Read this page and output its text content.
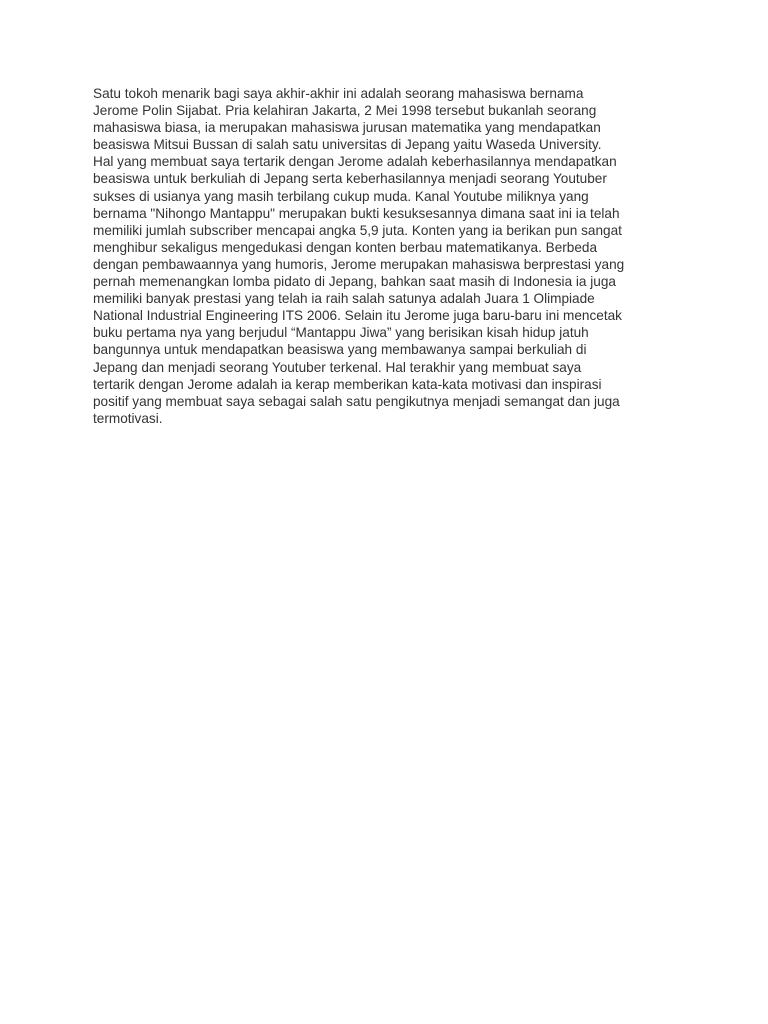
Satu tokoh menarik bagi saya akhir-akhir ini adalah seorang mahasiswa bernama
Jerome Polin Sijabat. Pria kelahiran Jakarta, 2 Mei 1998 tersebut bukanlah seorang
mahasiswa biasa, ia merupakan mahasiswa jurusan matematika yang mendapatkan
beasiswa Mitsui Bussan di salah satu universitas di Jepang yaitu Waseda University.
Hal yang membuat saya tertarik dengan Jerome adalah keberhasilannya mendapatkan
beasiswa untuk berkuliah di Jepang serta keberhasilannya menjadi seorang Youtuber
sukses di usianya yang masih terbilang cukup muda. Kanal Youtube miliknya yang
bernama "Nihongo Mantappu" merupakan bukti kesuksesannya dimana saat ini ia telah
memiliki jumlah subscriber mencapai angka 5,9 juta. Konten yang ia berikan pun sangat
menghibur sekaligus mengedukasi dengan konten berbau matematikanya. Berbeda
dengan pembawaannya yang humoris, Jerome merupakan mahasiswa berprestasi yang
pernah memenangkan lomba pidato di Jepang, bahkan saat masih di Indonesia ia juga
memiliki banyak prestasi yang telah ia raih salah satunya adalah Juara 1 Olimpiade
National Industrial Engineering ITS 2006. Selain itu Jerome juga baru-baru ini mencetak
buku pertama nya yang berjudul “Mantappu Jiwa” yang berisikan kisah hidup jatuh
bangunnya untuk mendapatkan beasiswa yang membawanya sampai berkuliah di
Jepang dan menjadi seorang Youtuber terkenal. Hal terakhir yang membuat saya
tertarik dengan Jerome adalah ia kerap memberikan kata-kata motivasi dan inspirasi
positif yang membuat saya sebagai salah satu pengikutnya menjadi semangat dan juga
termotivasi.
